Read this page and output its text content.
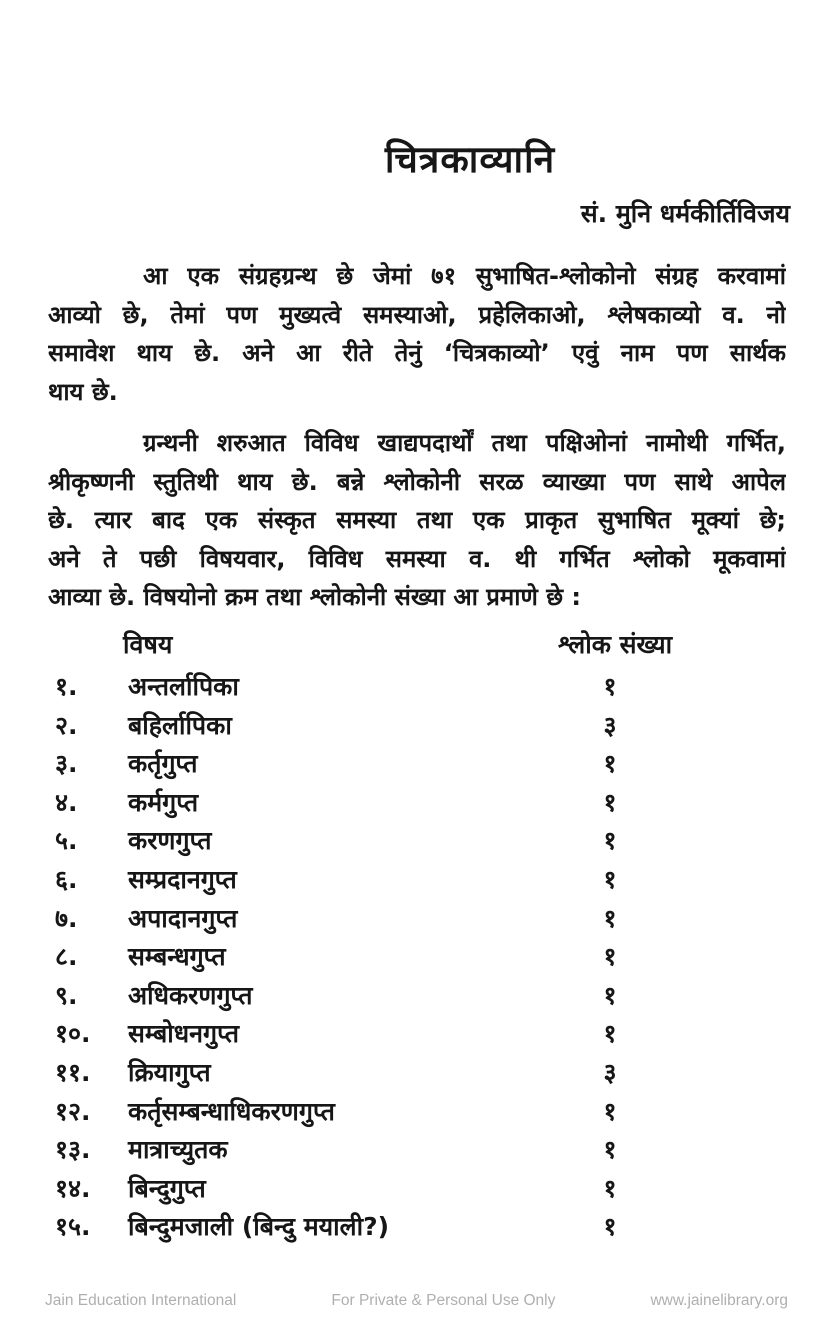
चित्रकाव्यानि
सं. मुनि धर्मकीर्तिविजय
आ एक संग्रहग्रन्थ छे जेमां ७१ सुभाषित-श्लोकोनो संग्रह करवामां
आव्यो छे, तेमां पण मुख्यत्वे समस्याओ, प्रहेलिकाओ, श्लेषकाव्यो व. नो
समावेश थाय छे. अने आ रीते तेनुं ‘चित्रकाव्यो’ एवुं नाम पण सार्थक
थाय छे.
ग्रन्थनी शरुआत विविध खाद्यपदार्थों तथा पक्षिओनां नामोथी गर्भित,
श्रीकृष्णनी स्तुतिथी थाय छे. बन्ने श्लोकोनी सरळ व्याख्या पण साथे आपेल
छे. त्यार बाद एक संस्कृत समस्या तथा एक प्राकृत सुभाषित मूक्यां छे;
अने ते पछी विषयवार, विविध समस्या व. थी गर्भित श्लोको मूकवामां
आव्या छे. विषयोनो क्रम तथा श्लोकोनी संख्या आ प्रमाणे छे :
विषय	श्लोक संख्या
१. अन्तर्लापिका	१
२. बहिर्लापिका	३
३. कर्तृगुप्त	१
४. कर्मगुप्त	१
५. करणगुप्त	१
६. सम्प्रदानगुप्त	१
७. अपादानगुप्त	१
८. सम्बन्धगुप्त	१
९. अधिकरणगुप्त	१
१०. सम्बोधनगुप्त	१
११. क्रियागुप्त	३
१२. कर्तृसम्बन्धाधिकरणगुप्त	१
१३. मात्राच्युतक	१
१४. बिन्दुगुप्त	१
१५. बिन्दुमजाली (बिन्दु मयाली?)	१
Jain Education International	For Private & Personal Use Only	www.jainelibrary.org
